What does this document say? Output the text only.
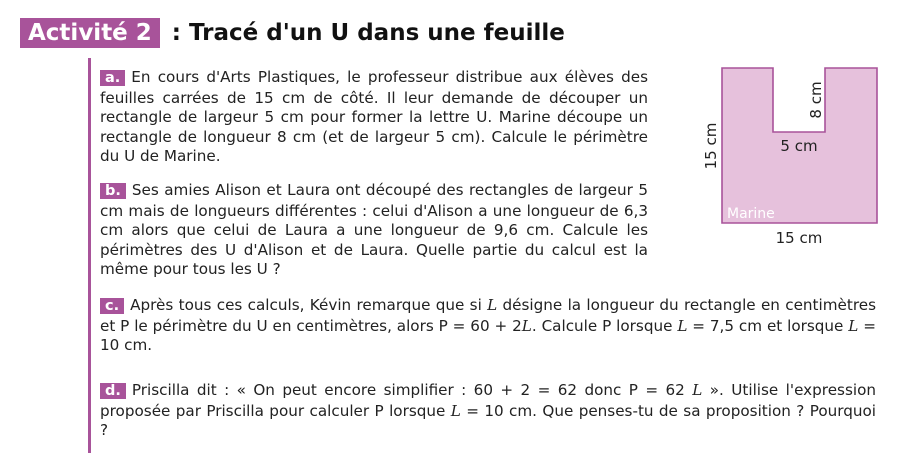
Activité 2 : Tracé d'un U dans une feuille

a. En cours d'Arts Plastiques, le professeur distribue aux élèves des feuilles carrées de 15 cm de côté. Il leur demande de découper un rectangle de largeur 5 cm pour former la lettre U. Marine découpe un rectangle de longueur 8 cm (et de largeur 5 cm). Calcule le périmètre du U de Marine.

b. Ses amies Alison et Laura ont découpé des rectangles de largeur 5 cm mais de longueurs différentes : celui d'Alison a une longueur de 6,3 cm alors que celui de Laura a une longueur de 9,6 cm. Calcule les périmètres des U d'Alison et de Laura. Quelle partie du calcul est la même pour tous les U ?

c. Après tous ces calculs, Kévin remarque que si L désigne la longueur du rectangle en centimètres et P le périmètre du U en centimètres, alors P = 60 + 2L. Calcule P lorsque L = 7,5 cm et lorsque L = 10 cm.

d. Priscilla dit : « On peut encore simplifier : 60 + 2 = 62 donc P = 62 L ». Utilise l'expression proposée par Priscilla pour calculer P lorsque L = 10 cm. Que penses-tu de sa proposition ? Pourquoi ?

Marine
15 cm
15 cm
5 cm
8 cm
